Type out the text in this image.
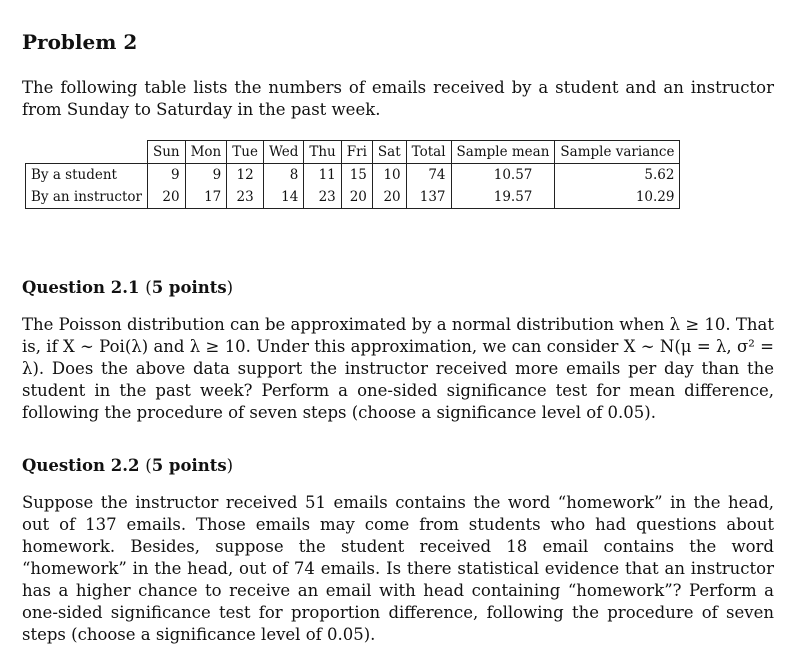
Problem 2

The following table lists the numbers of emails received by a student and an instructor from Sunday to Saturday in the past week.

	Sun	Mon	Tue	Wed	Thu	Fri	Sat	Total	Sample mean	Sample variance
By a student	9	9	12	8	11	15	10	74	10.57	5.62
By an instructor	20	17	23	14	23	20	20	137	19.57	10.29
Question 2.1 (5 points)

The Poisson distribution can be approximated by a normal distribution when λ ≥ 10. That is, if X ∼ Poi(λ) and λ ≥ 10. Under this approximation, we can consider X ∼ N(μ = λ, σ² = λ). Does the above data support the instructor received more emails per day than the student in the past week? Perform a one-sided significance test for mean difference, following the procedure of seven steps (choose a significance level of 0.05).

Question 2.2 (5 points)

Suppose the instructor received 51 emails contains the word “homework” in the head, out of 137 emails. Those emails may come from students who had questions about homework. Besides, suppose the student received 18 email contains the word “homework” in the head, out of 74 emails. Is there statistical evidence that an instructor has a higher chance to receive an email with head containing “homework”? Perform a one-sided significance test for proportion difference, following the procedure of seven steps (choose a significance level of 0.05).
